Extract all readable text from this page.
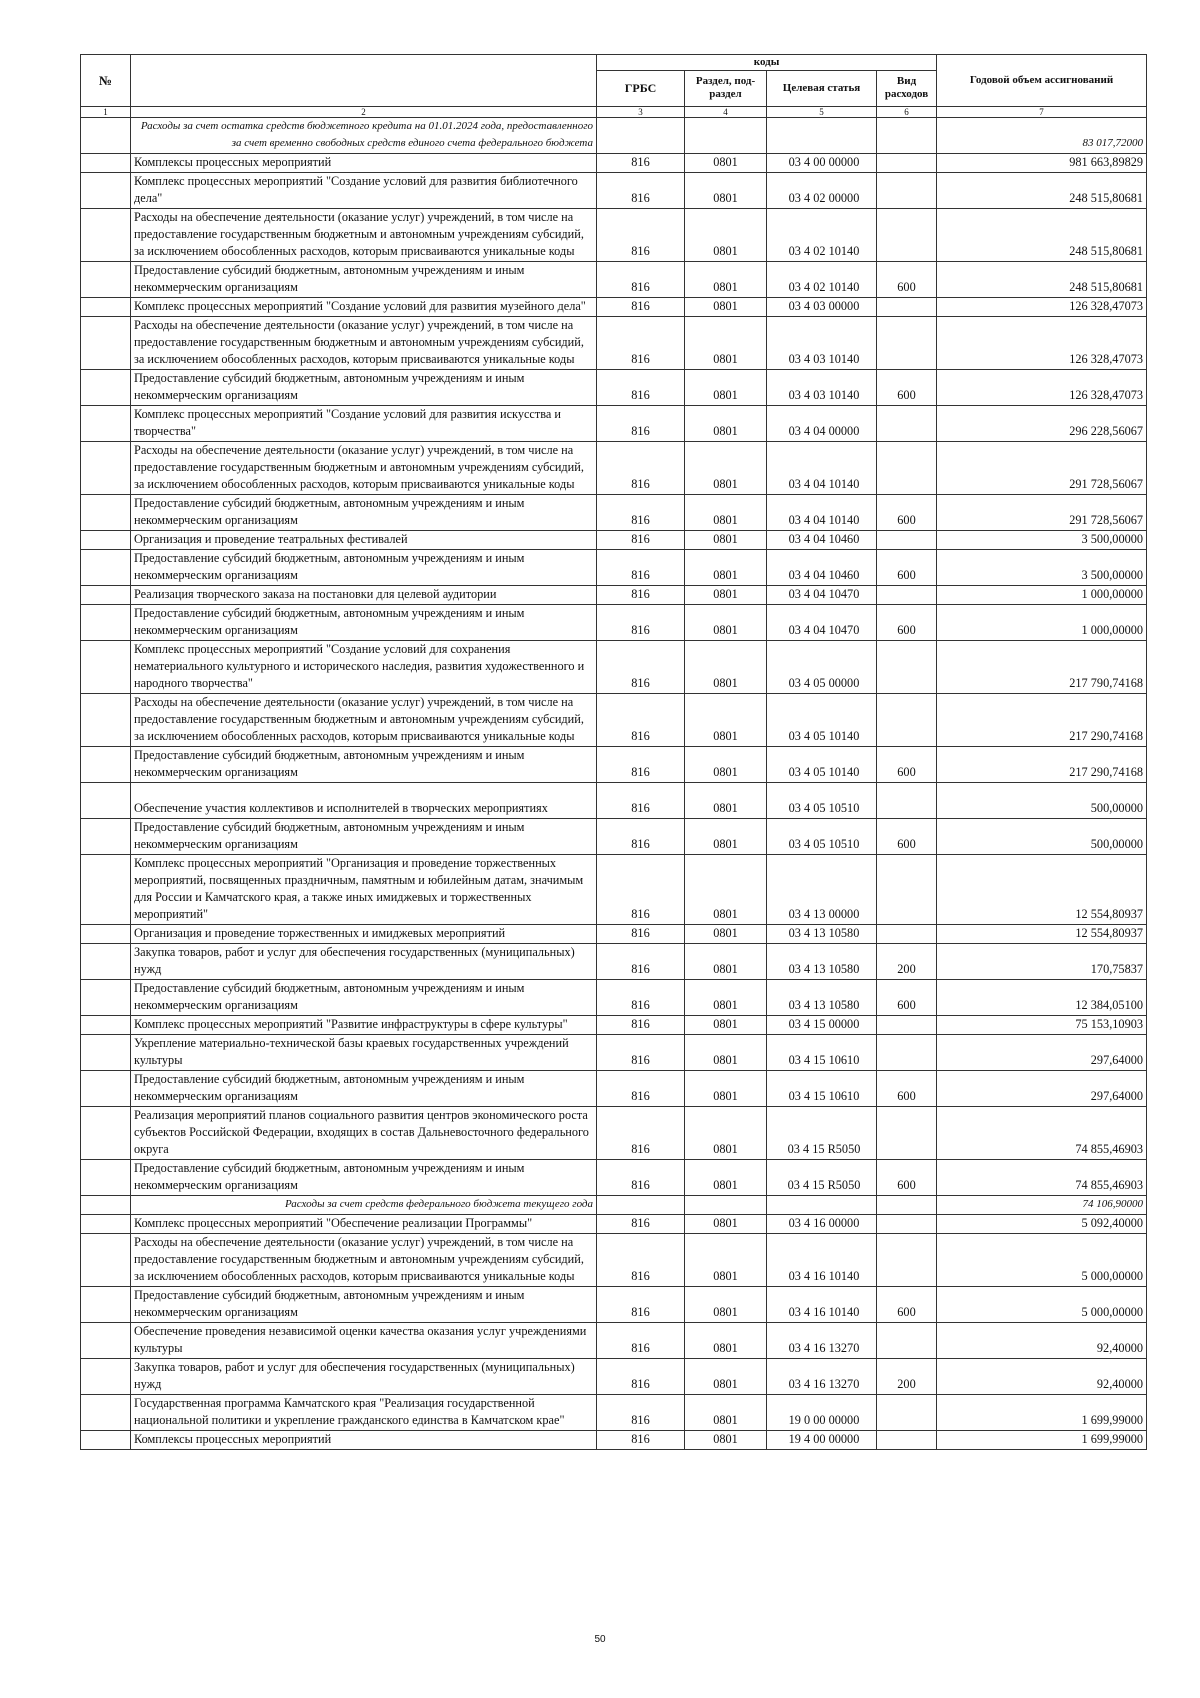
№		коды				Годовой объем ассигнований
		ГРБС	Раздел, под-раздел	Целевая статья	Вид расходов	
1	2	3	4	5	6	7
	Расходы за счет остатка средств бюджетного кредита на 01.01.2024 года, предоставленного за счет временно свободных средств единого счета федерального бюджета					83 017,72000
	Комплексы процессных мероприятий	816	0801	03 4 00 00000		981 663,89829
	Комплекс процессных мероприятий "Создание условий для развития библиотечного дела"	816	0801	03 4 02 00000		248 515,80681
	Расходы на обеспечение деятельности (оказание услуг) учреждений, в том числе на предоставление государственным бюджетным и автономным учреждениям субсидий, за исключением обособленных расходов, которым присваиваются уникальные коды	816	0801	03 4 02 10140		248 515,80681
	Предоставление субсидий бюджетным, автономным учреждениям и иным некоммерческим организациям	816	0801	03 4 02 10140	600	248 515,80681
	Комплекс процессных мероприятий "Создание условий для развития музейного дела"	816	0801	03 4 03 00000		126 328,47073
	Расходы на обеспечение деятельности (оказание услуг) учреждений, в том числе на предоставление государственным бюджетным и автономным учреждениям субсидий, за исключением обособленных расходов, которым присваиваются уникальные коды	816	0801	03 4 03 10140		126 328,47073
	Предоставление субсидий бюджетным, автономным учреждениям и иным некоммерческим организациям	816	0801	03 4 03 10140	600	126 328,47073
	Комплекс процессных мероприятий "Создание условий для развития искусства и творчества"	816	0801	03 4 04 00000		296 228,56067
	Расходы на обеспечение деятельности (оказание услуг) учреждений, в том числе на предоставление государственным бюджетным и автономным учреждениям субсидий, за исключением обособленных расходов, которым присваиваются уникальные коды	816	0801	03 4 04 10140		291 728,56067
	Предоставление субсидий бюджетным, автономным учреждениям и иным некоммерческим организациям	816	0801	03 4 04 10140	600	291 728,56067
	Организация и проведение театральных фестивалей	816	0801	03 4 04 10460		3 500,00000
	Предоставление субсидий бюджетным, автономным учреждениям и иным некоммерческим организациям	816	0801	03 4 04 10460	600	3 500,00000
	Реализация творческого заказа на постановки для целевой аудитории	816	0801	03 4 04 10470		1 000,00000
	Предоставление субсидий бюджетным, автономным учреждениям и иным некоммерческим организациям	816	0801	03 4 04 10470	600	1 000,00000
	Комплекс процессных мероприятий "Создание условий для сохранения нематериального культурного и исторического наследия, развития художественного и народного творчества"	816	0801	03 4 05 00000		217 790,74168
	Расходы на обеспечение деятельности (оказание услуг) учреждений, в том числе на предоставление государственным бюджетным и автономным учреждениям субсидий, за исключением обособленных расходов, которым присваиваются уникальные коды	816	0801	03 4 05 10140		217 290,74168
	Предоставление субсидий бюджетным, автономным учреждениям и иным некоммерческим организациям	816	0801	03 4 05 10140	600	217 290,74168
	Обеспечение участия коллективов и исполнителей в творческих мероприятиях	816	0801	03 4 05 10510		500,00000
	Предоставление субсидий бюджетным, автономным учреждениям и иным некоммерческим организациям	816	0801	03 4 05 10510	600	500,00000
	Комплекс процессных мероприятий "Организация и проведение торжественных мероприятий, посвященных праздничным, памятным и юбилейным датам, значимым для России и Камчатского края, а также иных имиджевых и торжественных мероприятий"	816	0801	03 4 13 00000		12 554,80937
	Организация и проведение торжественных и имиджевых мероприятий	816	0801	03 4 13 10580		12 554,80937
	Закупка товаров, работ и услуг для обеспечения государственных (муниципальных) нужд	816	0801	03 4 13 10580	200	170,75837
	Предоставление субсидий бюджетным, автономным учреждениям и иным некоммерческим организациям	816	0801	03 4 13 10580	600	12 384,05100
	Комплекс процессных мероприятий "Развитие инфраструктуры в сфере культуры"	816	0801	03 4 15 00000		75 153,10903
	Укрепление материально-технической базы краевых государственных учреждений культуры	816	0801	03 4 15 10610		297,64000
	Предоставление субсидий бюджетным, автономным учреждениям и иным некоммерческим организациям	816	0801	03 4 15 10610	600	297,64000
	Реализация мероприятий планов социального развития центров экономического роста субъектов Российской Федерации, входящих в состав Дальневосточного федерального округа	816	0801	03 4 15 R5050		74 855,46903
	Предоставление субсидий бюджетным, автономным учреждениям и иным некоммерческим организациям	816	0801	03 4 15 R5050	600	74 855,46903
	Расходы за счет средств федерального бюджета текущего года					74 106,90000
	Комплекс процессных мероприятий "Обеспечение реализации Программы"	816	0801	03 4 16 00000		5 092,40000
	Расходы на обеспечение деятельности (оказание услуг) учреждений, в том числе на предоставление государственным бюджетным и автономным учреждениям субсидий, за исключением обособленных расходов, которым присваиваются уникальные коды	816	0801	03 4 16 10140		5 000,00000
	Предоставление субсидий бюджетным, автономным учреждениям и иным некоммерческим организациям	816	0801	03 4 16 10140	600	5 000,00000
	Обеспечение проведения независимой оценки качества оказания услуг учреждениями культуры	816	0801	03 4 16 13270		92,40000
	Закупка товаров, работ и услуг для обеспечения государственных (муниципальных) нужд	816	0801	03 4 16 13270	200	92,40000
	Государственная программа Камчатского края "Реализация государственной национальной политики и укрепление гражданского единства в Камчатском крае"	816	0801	19 0 00 00000		1 699,99000
	Комплексы процессных мероприятий	816	0801	19 4 00 00000		1 699,99000
50
